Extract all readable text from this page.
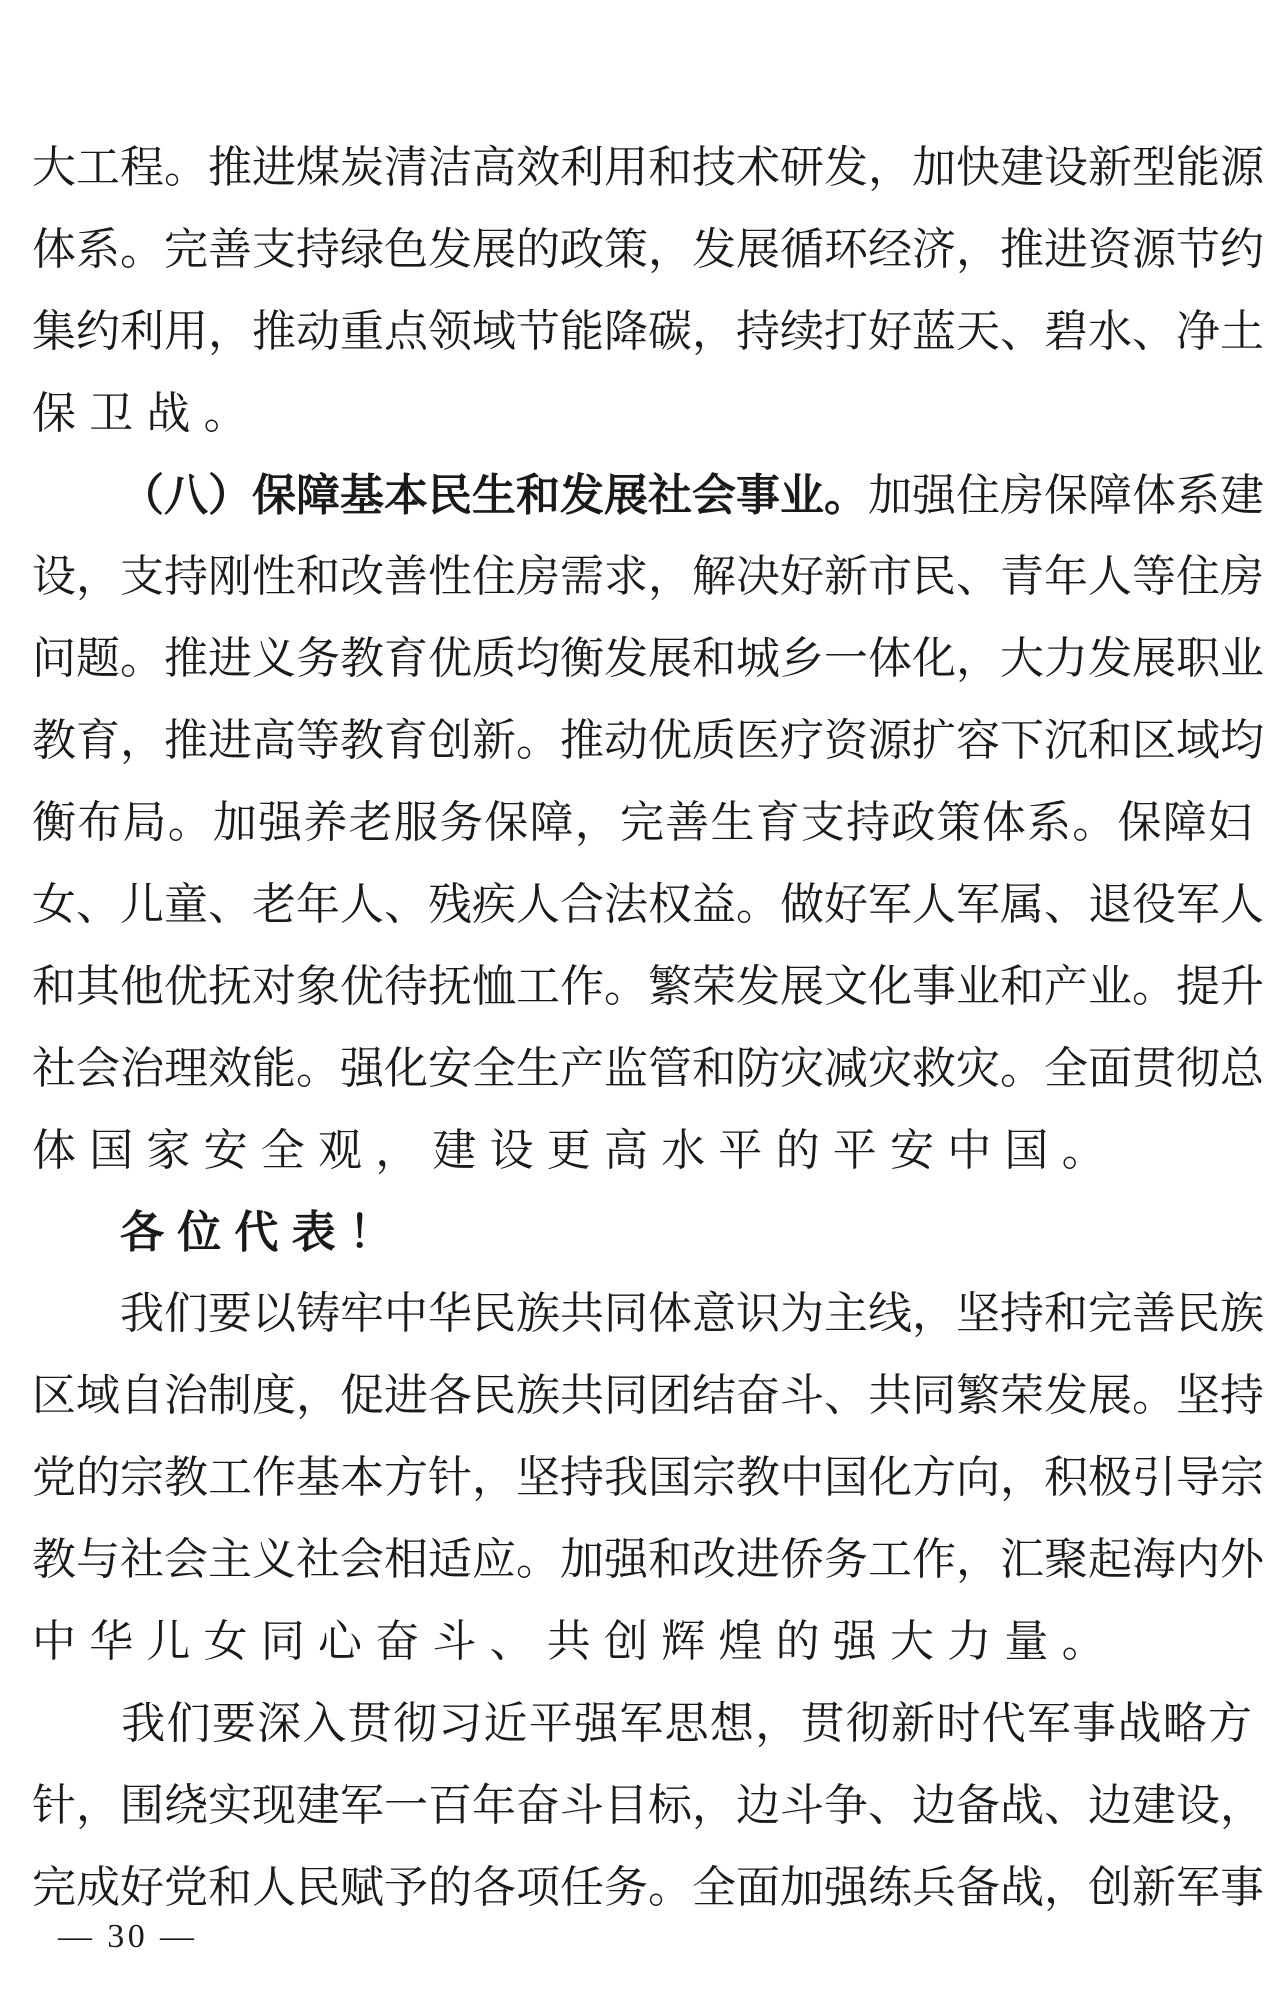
大工程。推进煤炭清洁高效利用和技术研发，加快建设新型能源
体系。完善支持绿色发展的政策，发展循环经济，推进资源节约
集约利用，推动重点领域节能降碳，持续打好蓝天、碧水、净土
保卫战。
（八）保障基本民生和发展社会事业。加强住房保障体系建
设，支持刚性和改善性住房需求，解决好新市民、青年人等住房
问题。推进义务教育优质均衡发展和城乡一体化，大力发展职业
教育，推进高等教育创新。推动优质医疗资源扩容下沉和区域均
衡布局。加强养老服务保障，完善生育支持政策体系。保障妇
女、儿童、老年人、残疾人合法权益。做好军人军属、退役军人
和其他优抚对象优待抚恤工作。繁荣发展文化事业和产业。提升
社会治理效能。强化安全生产监管和防灾减灾救灾。全面贯彻总
体国家安全观，建设更高水平的平安中国。
各位代表！
我们要以铸牢中华民族共同体意识为主线，坚持和完善民族
区域自治制度，促进各民族共同团结奋斗、共同繁荣发展。坚持
党的宗教工作基本方针，坚持我国宗教中国化方向，积极引导宗
教与社会主义社会相适应。加强和改进侨务工作，汇聚起海内外
中华儿女同心奋斗、共创辉煌的强大力量。
我们要深入贯彻习近平强军思想，贯彻新时代军事战略方
针，围绕实现建军一百年奋斗目标，边斗争、边备战、边建设，
完成好党和人民赋予的各项任务。全面加强练兵备战，创新军事
— 30 —
